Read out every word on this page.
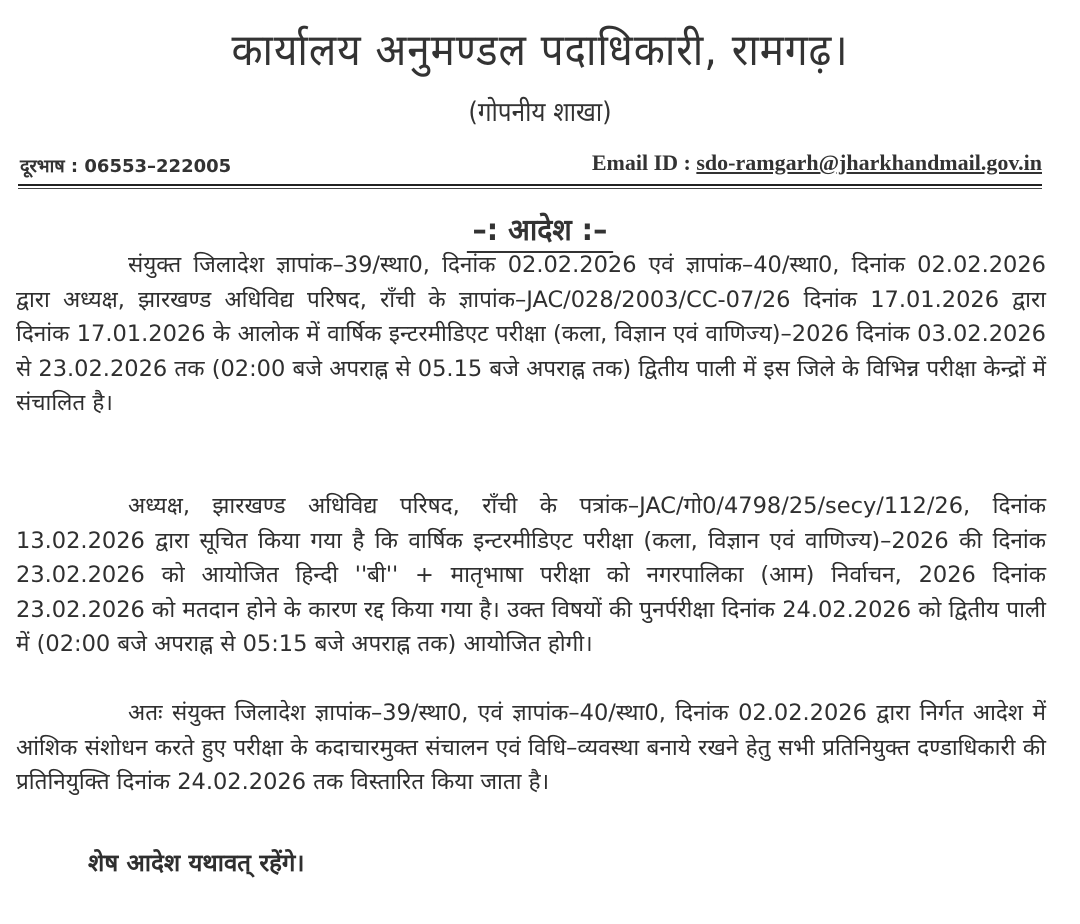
कार्यालय अनुमण्डल पदाधिकारी, रामगढ़।
(गोपनीय शाखा)
दूरभाष : 06553–222005	Email ID : sdo-ramgarh@jharkhandmail.gov.in
–: आदेश :–

संयुक्त जिलादेश ज्ञापांक–39/स्था0, दिनांक 02.02.2026 एवं ज्ञापांक–40/स्था0, दिनांक 02.02.2026 द्वारा अध्यक्ष, झारखण्ड अधिविद्य परिषद, राँची के ज्ञापांक–JAC/028/2003/CC-07/26 दिनांक 17.01.2026 द्वारा दिनांक 17.01.2026 के आलोक में वार्षिक इन्टरमीडिएट परीक्षा (कला, विज्ञान एवं वाणिज्य)–2026 दिनांक 03.02.2026 से 23.02.2026 तक (02:00 बजे अपराह्न से 05.15 बजे अपराह्न तक) द्वितीय पाली में इस जिले के विभिन्न परीक्षा केन्द्रों में संचालित है।

अध्यक्ष, झारखण्ड अधिविद्य परिषद, राँची के पत्रांक–JAC/गो0/4798/25/secy/112/26, दिनांक 13.02.2026 द्वारा सूचित किया गया है कि वार्षिक इन्टरमीडिएट परीक्षा (कला, विज्ञान एवं वाणिज्य)–2026 की दिनांक 23.02.2026 को आयोजित हिन्दी ''बी'' + मातृभाषा परीक्षा को नगरपालिका (आम) निर्वाचन, 2026 दिनांक 23.02.2026 को मतदान होने के कारण रद्द किया गया है। उक्त विषयों की पुनर्परीक्षा दिनांक 24.02.2026 को द्वितीय पाली में (02:00 बजे अपराह्न से 05:15 बजे अपराह्न तक) आयोजित होगी।

अतः संयुक्त जिलादेश ज्ञापांक–39/स्था0, एवं ज्ञापांक–40/स्था0, दिनांक 02.02.2026 द्वारा निर्गत आदेश में आंशिक संशोधन करते हुए परीक्षा के कदाचारमुक्त संचालन एवं विधि–व्यवस्था बनाये रखने हेतु सभी प्रतिनियुक्त दण्डाधिकारी की प्रतिनियुक्ति दिनांक 24.02.2026 तक विस्तारित किया जाता है।

शेष आदेश यथावत् रहेंगे।
